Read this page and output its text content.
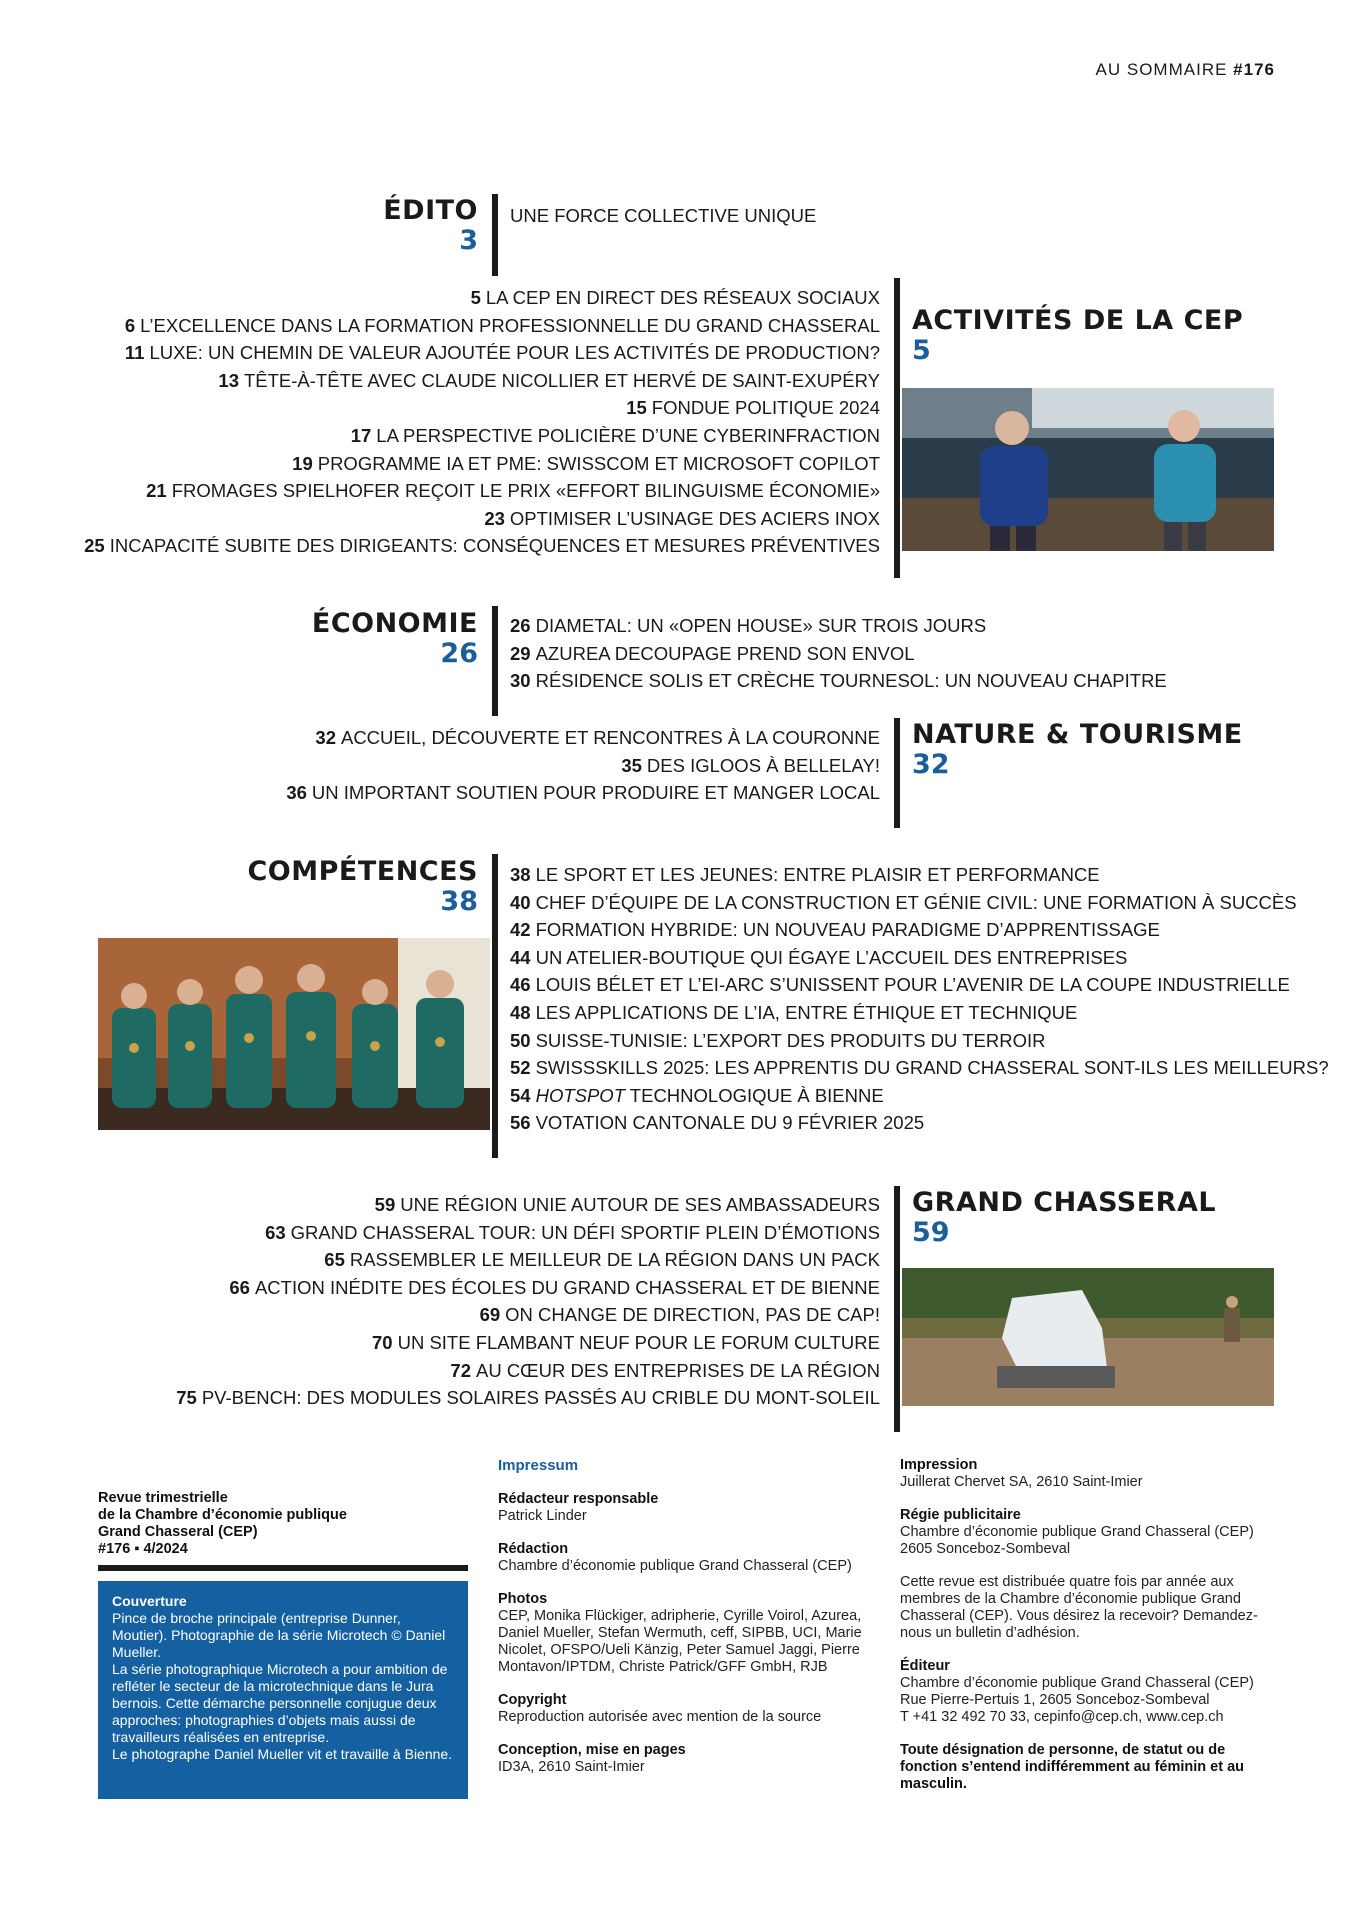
AU SOMMAIRE #176
ÉDITO
3
UNE FORCE COLLECTIVE UNIQUE
5 LA CEP EN DIRECT DES RÉSEAUX SOCIAUX
6 L’EXCELLENCE DANS LA FORMATION PROFESSIONNELLE DU GRAND CHASSERAL
11 LUXE: UN CHEMIN DE VALEUR AJOUTÉE POUR LES ACTIVITÉS DE PRODUCTION?
13 TÊTE-À-TÊTE AVEC CLAUDE NICOLLIER ET HERVÉ DE SAINT-EXUPÉRY
15 FONDUE POLITIQUE 2024
17 LA PERSPECTIVE POLICIÈRE D’UNE CYBERINFRACTION
19 PROGRAMME IA ET PME: SWISSCOM ET MICROSOFT COPILOT
21 FROMAGES SPIELHOFER REÇOIT LE PRIX «EFFORT BILINGUISME ÉCONOMIE»
23 OPTIMISER L’USINAGE DES ACIERS INOX
25 INCAPACITÉ SUBITE DES DIRIGEANTS: CONSÉQUENCES ET MESURES PRÉVENTIVES
ACTIVITÉS DE LA CEP
5
ÉCONOMIE
26
26 DIAMETAL: UN «OPEN HOUSE» SUR TROIS JOURS
29 AZUREA DECOUPAGE PREND SON ENVOL
30 RÉSIDENCE SOLIS ET CRÈCHE TOURNESOL: UN NOUVEAU CHAPITRE
32 ACCUEIL, DÉCOUVERTE ET RENCONTRES À LA COURONNE
35 DES IGLOOS À BELLELAY!
36 UN IMPORTANT SOUTIEN POUR PRODUIRE ET MANGER LOCAL
NATURE & TOURISME
32
COMPÉTENCES
38
38 LE SPORT ET LES JEUNES: ENTRE PLAISIR ET PERFORMANCE
40 CHEF D’ÉQUIPE DE LA CONSTRUCTION ET GÉNIE CIVIL: UNE FORMATION À SUCCÈS
42 FORMATION HYBRIDE: UN NOUVEAU PARADIGME D’APPRENTISSAGE
44 UN ATELIER-BOUTIQUE QUI ÉGAYE L’ACCUEIL DES ENTREPRISES
46 LOUIS BÉLET ET L’EI-ARC S’UNISSENT POUR L’AVENIR DE LA COUPE INDUSTRIELLE
48 LES APPLICATIONS DE L’IA, ENTRE ÉTHIQUE ET TECHNIQUE
50 SUISSE-TUNISIE: L’EXPORT DES PRODUITS DU TERROIR
52 SWISSSKILLS 2025: LES APPRENTIS DU GRAND CHASSERAL SONT-ILS LES MEILLEURS?
54 HOTSPOT TECHNOLOGIQUE À BIENNE
56 VOTATION CANTONALE DU 9 FÉVRIER 2025
59 UNE RÉGION UNIE AUTOUR DE SES AMBASSADEURS
63 GRAND CHASSERAL TOUR: UN DÉFI SPORTIF PLEIN D’ÉMOTIONS
65 RASSEMBLER LE MEILLEUR DE LA RÉGION DANS UN PACK
66 ACTION INÉDITE DES ÉCOLES DU GRAND CHASSERAL ET DE BIENNE
69 ON CHANGE DE DIRECTION, PAS DE CAP!
70 UN SITE FLAMBANT NEUF POUR LE FORUM CULTURE
72 AU CŒUR DES ENTREPRISES DE LA RÉGION
75 PV-BENCH: DES MODULES SOLAIRES PASSÉS AU CRIBLE DU MONT-SOLEIL
GRAND CHASSERAL
59
Revue trimestrielle
de la Chambre d’économie publique
Grand Chasseral (CEP)
#176 ▪ 4/2024
Couverture
Pince de broche principale (entreprise Dunner, Moutier). Photographie de la série Microtech © Daniel Mueller.
La série photographique Microtech a pour ambition de refléter le secteur de la microtechnique dans le Jura bernois. Cette démarche personnelle conjugue deux approches: photographies d’objets mais aussi de travailleurs réalisées en entreprise.
Le photographe Daniel Mueller vit et travaille à Bienne.
Impressum
Rédacteur responsable
Patrick Linder
Rédaction
Chambre d’économie publique Grand Chasseral (CEP)
Photos
CEP, Monika Flückiger, adripherie, Cyrille Voirol, Azurea, Daniel Mueller, Stefan Wermuth, ceff, SIPBB, UCI, Marie Nicolet, OFSPO/Ueli Känzig, Peter Samuel Jaggi, Pierre Montavon/IPTDM, Christe Patrick/GFF GmbH, RJB
Copyright
Reproduction autorisée avec mention de la source
Conception, mise en pages
ID3A, 2610 Saint-Imier
Impression
Juillerat Chervet SA, 2610 Saint-Imier
Régie publicitaire
Chambre d’économie publique Grand Chasseral (CEP)
2605 Sonceboz-Sombeval
Cette revue est distribuée quatre fois par année aux membres de la Chambre d’économie publique Grand Chasseral (CEP). Vous désirez la recevoir? Demandez-nous un bulletin d’adhésion.
Éditeur
Chambre d’économie publique Grand Chasseral (CEP)
Rue Pierre-Pertuis 1, 2605 Sonceboz-Sombeval
T +41 32 492 70 33, cepinfo@cep.ch, www.cep.ch
Toute désignation de personne, de statut ou de fonction s’entend indifféremment au féminin et au masculin.
